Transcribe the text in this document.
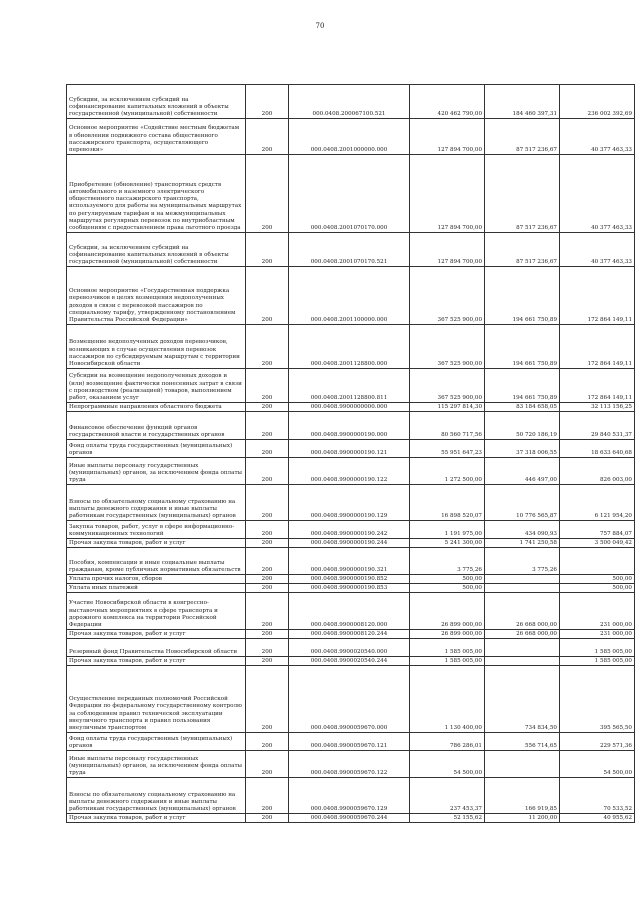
70
Субсидии, за исключением субсидий на софинансирование капитальных вложений в объекты государственной (муниципальной) собственности	200	000.0408.200067100.521	420 462 790,00	184 460 397,31	236 002 392,69
Основное мероприятие «Содействие местным бюджетам в обновлении подвижного состава общественного пассажирского транспорта, осуществляющего перевозки»	200	000.0408.2001000000.000	127 894 700,00	87 517 236,67	40 377 463,33
Приобретение (обновление) транспортных средств автомобильного и наземного электрического общественного пассажирского транспорта, используемого для работы на муниципальных маршрутах по регулируемым тарифам и на межмуниципальных маршрутах регулярных перевозок по внутриобластным сообщениям с предоставлением права льготного проезда	200	000.0408.2001070170.000	127 894 700,00	87 517 236,67	40 377 463,33
Субсидии, за исключением субсидий на софинансирование капитальных вложений в объекты государственной (муниципальной) собственности	200	000.0408.2001070170.521	127 894 700,00	87 517 236,67	40 377 463,33
Основное мероприятие «Государственная поддержка перевозчиков в целях возмещения недополученных доходов в связи с перевозкой пассажиров по специальному тарифу, утвержденному постановлением Правительства Российской Федерации»	200	000.0408.2001100000.000	367 525 900,00	194 661 750,89	172 864 149,11
Возмещение недополученных доходов перевозчиков, возникающих в случае осуществления перевозок пассажиров по субсидируемым маршрутам с территории Новосибирской области	200	000.0408.2001128800.000	367 525 900,00	194 661 750,89	172 864 149,11
Субсидии на возмещение недополученных доходов и (или) возмещение фактически понесенных затрат в связи с производством (реализацией) товаров, выполнением работ, оказанием услуг	200	000.0408.2001128800.811	367 525 900,00	194 661 750,89	172 864 149,11
Непрограммные направления областного бюджета	200	000.0408.9900000000.000	115 297 814,30	83 184 658,05	32 113 156,25
Финансовое обеспечение функций органов государственной власти и государственных органов	200	000.0408.9900000190.000	80 560 717,56	50 720 186,19	29 840 531,37
Фонд оплаты труда государственных (муниципальных) органов	200	000.0408.9900000190.121	55 951 647,23	37 318 006,55	18 633 640,68
Иные выплаты персоналу государственных (муниципальных) органов, за исключением фонда оплаты труда	200	000.0408.9900000190.122	1 272 500,00	446 497,00	826 003,00
Взносы по обязательному социальному страхованию на выплаты денежного содержания и иные выплаты работникам государственных (муниципальных) органов	200	000.0408.9900000190.129	16 898 520,07	10 776 565,87	6 121 954,20
Закупка товаров, работ, услуг в сфере информационно-коммуникационных технологий	200	000.0408.9900000190.242	1 191 975,00	434 090,93	757 884,07
Прочая закупка товаров, работ и услуг	200	000.0408.9900000190.244	5 241 300,00	1 741 250,58	3 500 049,42
Пособия, компенсации и иные социальные выплаты гражданам, кроме публичных нормативных обязательств	200	000.0408.9900000190.321	3 775,26	3 775,26	
Уплата прочих налогов, сборов	200	000.0408.9900000190.852	500,00		500,00
Уплата иных платежей	200	000.0408.9900000190.853	500,00		500,00
Участие Новосибирской области в конгрессно-выставочных мероприятиях в сфере транспорта и дорожного комплекса на территории Российской Федерации	200	000.0408.9900008120.000	26 899 000,00	26 668 000,00	231 000,00
Прочая закупка товаров, работ и услуг	200	000.0408.9900008120.244	26 899 000,00	26 668 000,00	231 000,00
Резервный фонд Правительства Новосибирской области	200	000.0408.9900020540.000	1 585 005,00		1 585 005,00
Прочая закупка товаров, работ и услуг	200	000.0408.9900020540.244	1 585 005,00		1 585 005,00
Осуществление переданных полномочий Российской Федерации по федеральному государственному контролю за соблюдением правил технической эксплуатации внеуличного транспорта и правил пользования внеуличным транспортом	200	000.0408.9900059670.000	1 130 400,00	734 834,50	395 565,50
Фонд оплаты труда государственных (муниципальных) органов	200	000.0408.9900059670.121	786 286,01	556 714,65	229 571,36
Иные выплаты персоналу государственных (муниципальных) органов, за исключением фонда оплаты труда	200	000.0408.9900059670.122	54 500,00		54 500,00
Взносы по обязательному социальному страхованию на выплаты денежного содержания и иные выплаты работникам государственных (муниципальных) органов	200	000.0408.9900059670.129	237 453,37	166 919,85	70 533,52
Прочая закупка товаров, работ и услуг	200	000.0408.9900059670.244	52 155,62	11 200,00	40 955,62
